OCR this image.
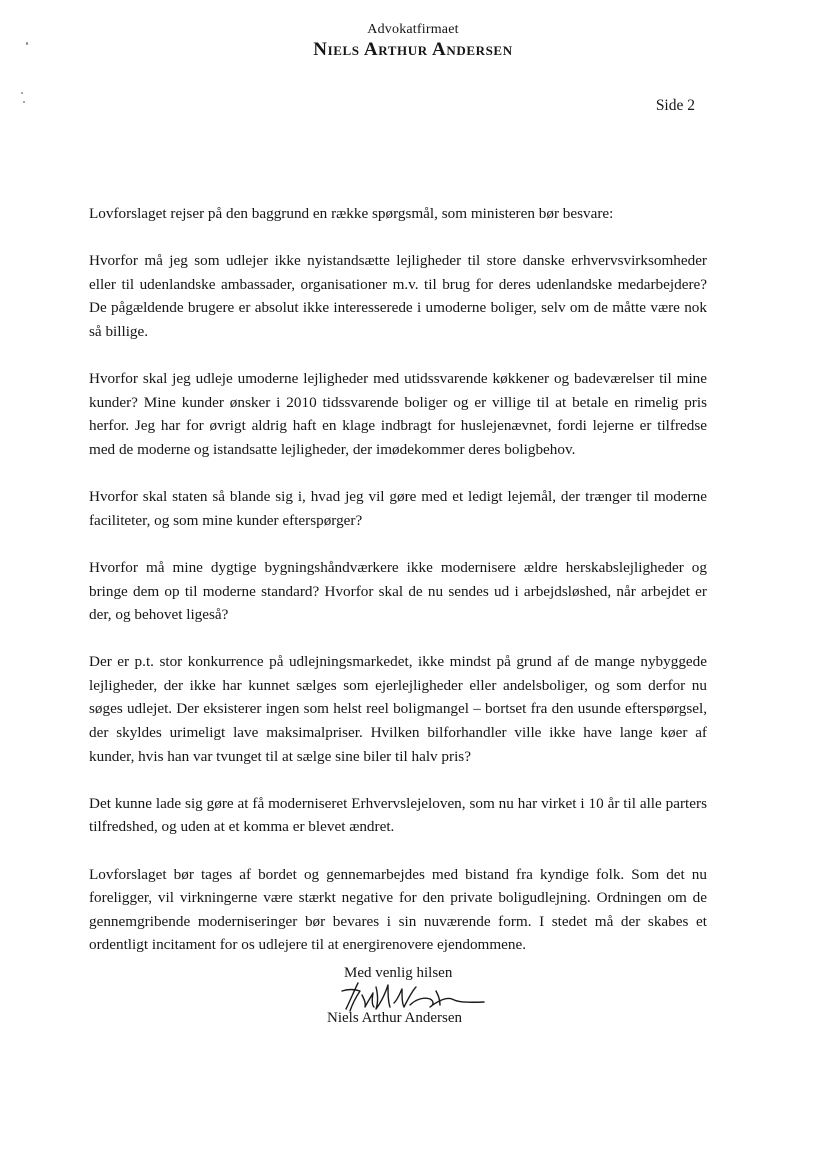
Advokatfirmaet
Niels Arthur Andersen
Side 2

Lovforslaget rejser på den baggrund en række spørgsmål, som ministeren bør besvare:

Hvorfor må jeg som udlejer ikke nyistandsætte lejligheder til store danske erhvervsvirksomheder eller til udenlandske ambassader, organisationer m.v. til brug for deres udenlandske medarbejdere? De pågældende brugere er absolut ikke interesserede i umoderne boliger, selv om de måtte være nok så billige.

Hvorfor skal jeg udleje umoderne lejligheder med utidssvarende køkkener og badeværelser til mine kunder? Mine kunder ønsker i 2010 tidssvarende boliger og er villige til at betale en rimelig pris herfor. Jeg har for øvrigt aldrig haft en klage indbragt for huslejenævnet, fordi lejerne er tilfredse med de moderne og istandsatte lejligheder, der imødekommer deres boligbehov.

Hvorfor skal staten så blande sig i, hvad jeg vil gøre med et ledigt lejemål, der trænger til moderne faciliteter, og som mine kunder efterspørger?

Hvorfor må mine dygtige bygningshåndværkere ikke modernisere ældre herskabslejligheder og bringe dem op til moderne standard? Hvorfor skal de nu sendes ud i arbejdsløshed, når arbejdet er der, og behovet ligeså?

Der er p.t. stor konkurrence på udlejningsmarkedet, ikke mindst på grund af de mange nybyggede lejligheder, der ikke har kunnet sælges som ejerlejligheder eller andelsboliger, og som derfor nu søges udlejet. Der eksisterer ingen som helst reel boligmangel – bortset fra den usunde efterspørgsel, der skyldes urimeligt lave maksimalpriser. Hvilken bilforhandler ville ikke have lange køer af kunder, hvis han var tvunget til at sælge sine biler til halv pris?

Det kunne lade sig gøre at få moderniseret Erhvervslejeloven, som nu har virket i 10 år til alle parters tilfredshed, og uden at et komma er blevet ændret.

Lovforslaget bør tages af bordet og gennemarbejdes med bistand fra kyndige folk. Som det nu foreligger, vil virkningerne være stærkt negative for den private boligudlejning. Ordningen om de gennemgribende moderniseringer bør bevares i sin nuværende form. I stedet må der skabes et ordentligt incitament for os udlejere til at energirenovere ejendommene.

Med venlig hilsen
Niels Arthur Andersen
